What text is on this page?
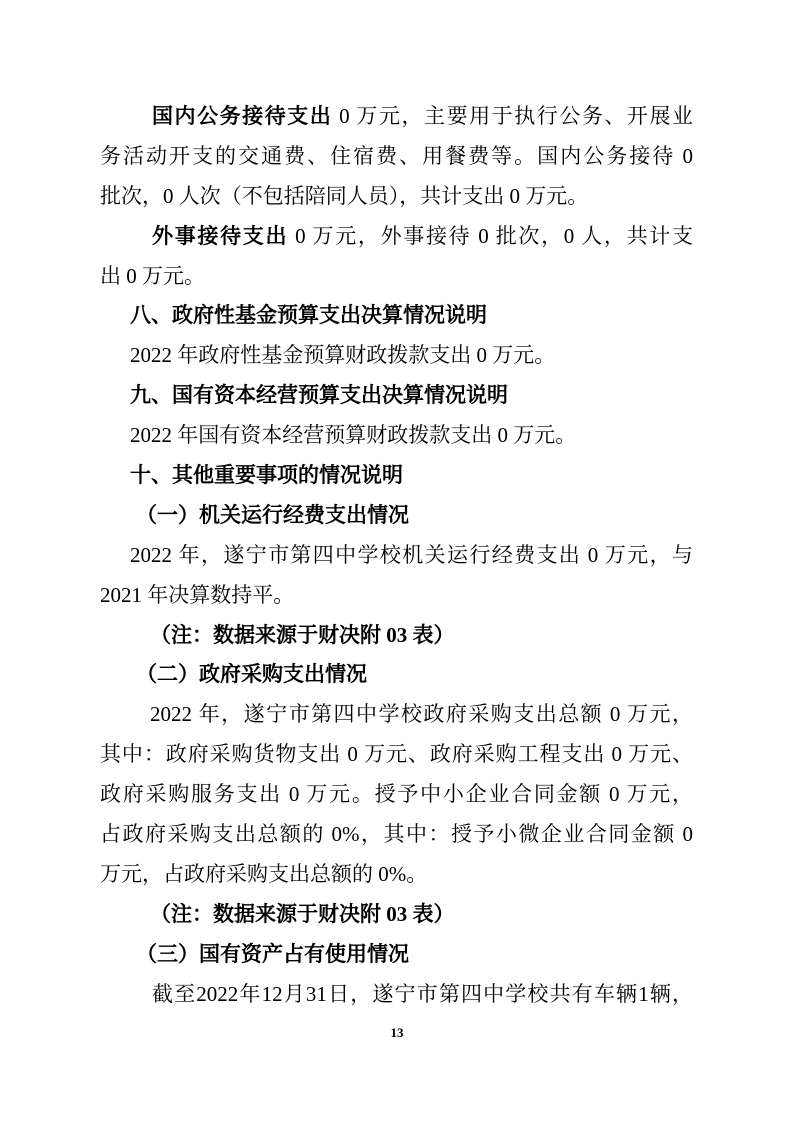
国内公务接待支出 0 万元，主要用于执行公务、开展业
务活动开支的交通费、住宿费、用餐费等。国内公务接待 0
批次，0 人次（不包括陪同人员），共计支出 0 万元。
外事接待支出 0 万元，外事接待 0 批次，0 人，共计支
出 0 万元。
八、政府性基金预算支出决算情况说明
2022 年政府性基金预算财政拨款支出 0 万元。
九、国有资本经营预算支出决算情况说明
2022 年国有资本经营预算财政拨款支出 0 万元。
十、其他重要事项的情况说明
（一）机关运行经费支出情况
2022 年，遂宁市第四中学校机关运行经费支出 0 万元，与
2021 年决算数持平。
（注：数据来源于财决附 03 表）
（二）政府采购支出情况
2022 年，遂宁市第四中学校政府采购支出总额 0 万元，
其中：政府采购货物支出 0 万元、政府采购工程支出 0 万元、
政府采购服务支出 0 万元。授予中小企业合同金额 0 万元，
占政府采购支出总额的 0%，其中：授予小微企业合同金额 0
万元，占政府采购支出总额的 0%。
（注：数据来源于财决附 03 表）
（三）国有资产占有使用情况
截至2022年12月31日，遂宁市第四中学校共有车辆1辆，
13
